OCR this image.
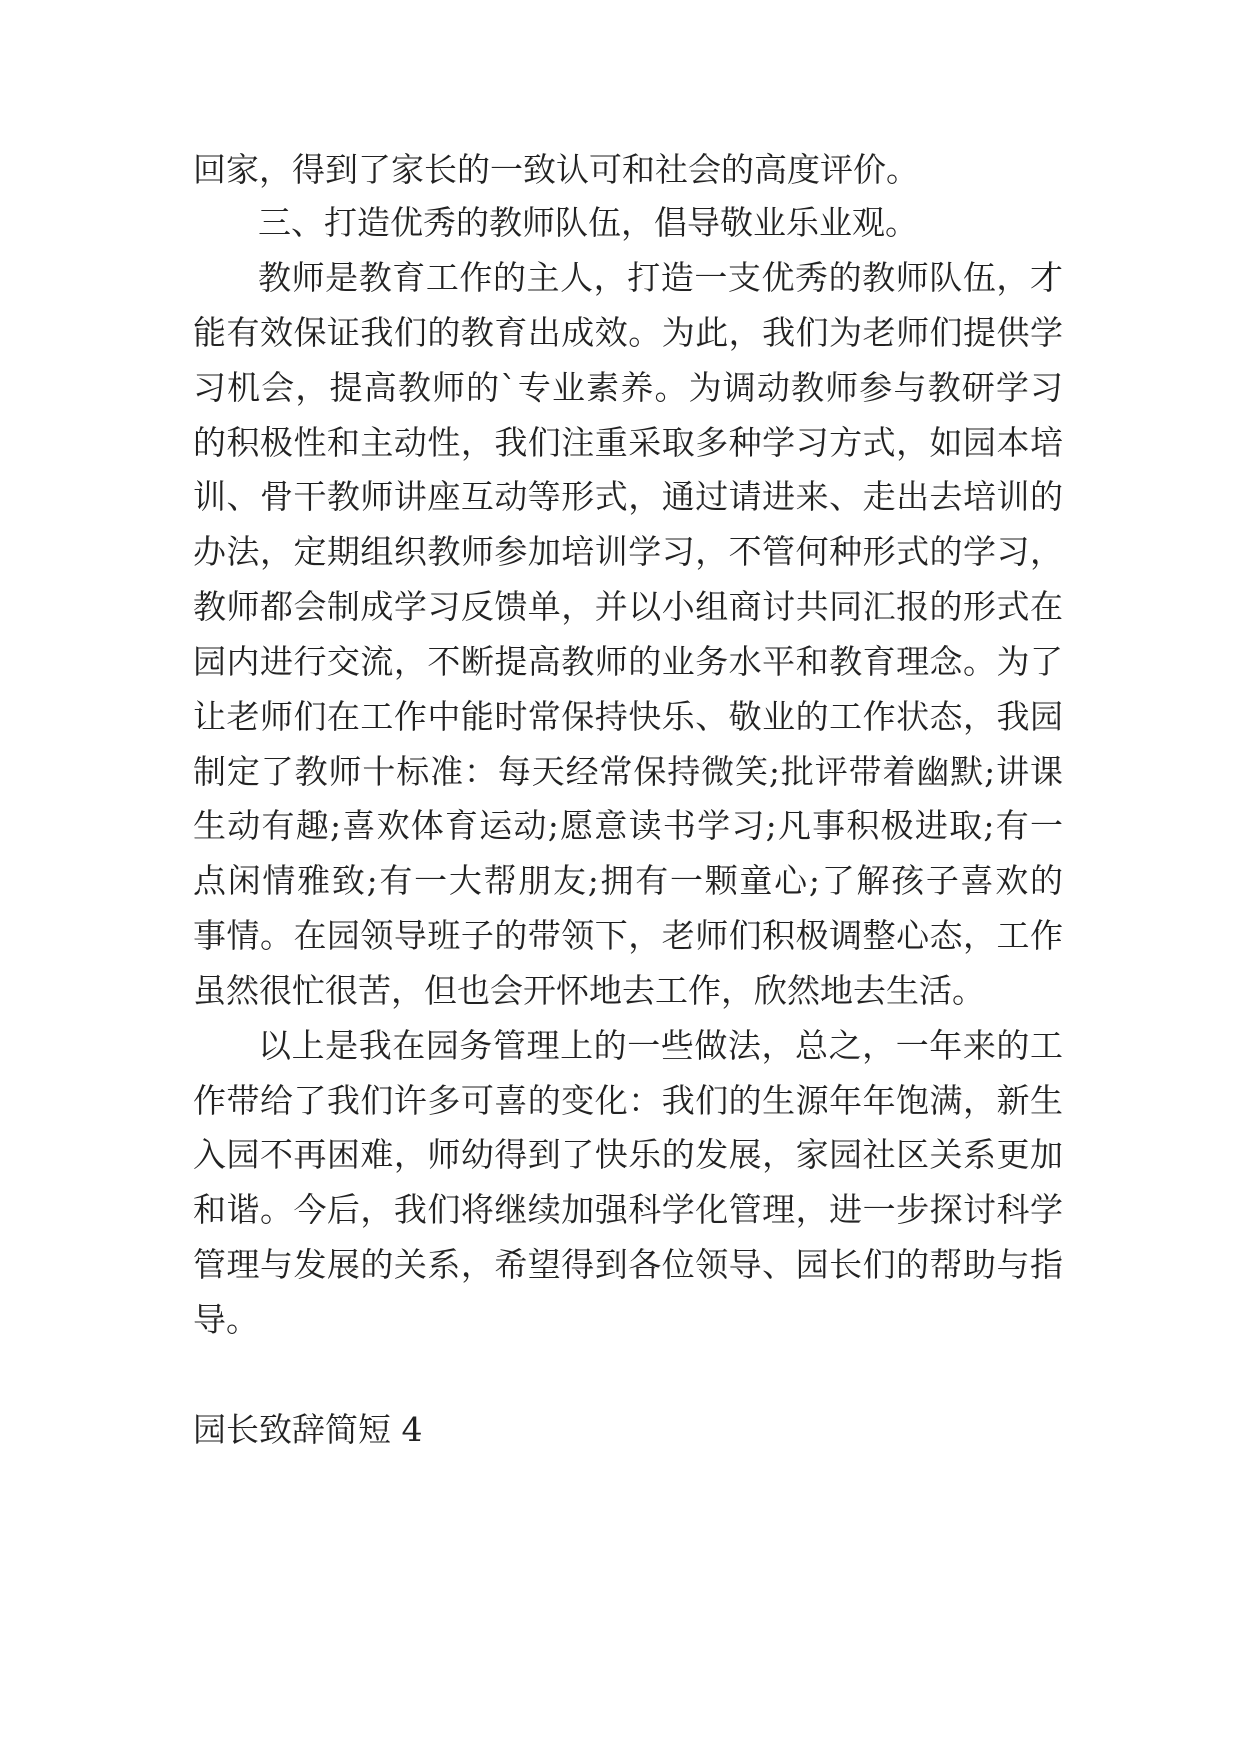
回家，得到了家长的一致认可和社会的高度评价。
三、打造优秀的教师队伍，倡导敬业乐业观。
教师是教育工作的主人，打造一支优秀的教师队伍，才
能有效保证我们的教育出成效。为此，我们为老师们提供学
习机会，提高教师的`专业素养。为调动教师参与教研学习
的积极性和主动性，我们注重采取多种学习方式，如园本培
训、骨干教师讲座互动等形式，通过请进来、走出去培训的
办法，定期组织教师参加培训学习，不管何种形式的学习，
教师都会制成学习反馈单，并以小组商讨共同汇报的形式在
园内进行交流，不断提高教师的业务水平和教育理念。为了
让老师们在工作中能时常保持快乐、敬业的工作状态，我园
制定了教师十标准：每天经常保持微笑;批评带着幽默;讲课
生动有趣;喜欢体育运动;愿意读书学习;凡事积极进取;有一
点闲情雅致;有一大帮朋友;拥有一颗童心;了解孩子喜欢的
事情。在园领导班子的带领下，老师们积极调整心态，工作
虽然很忙很苦，但也会开怀地去工作，欣然地去生活。
以上是我在园务管理上的一些做法，总之，一年来的工
作带给了我们许多可喜的变化：我们的生源年年饱满，新生
入园不再困难，师幼得到了快乐的发展，家园社区关系更加
和谐。今后，我们将继续加强科学化管理，进一步探讨科学
管理与发展的关系，希望得到各位领导、园长们的帮助与指
导。
园长致辞简短 4
